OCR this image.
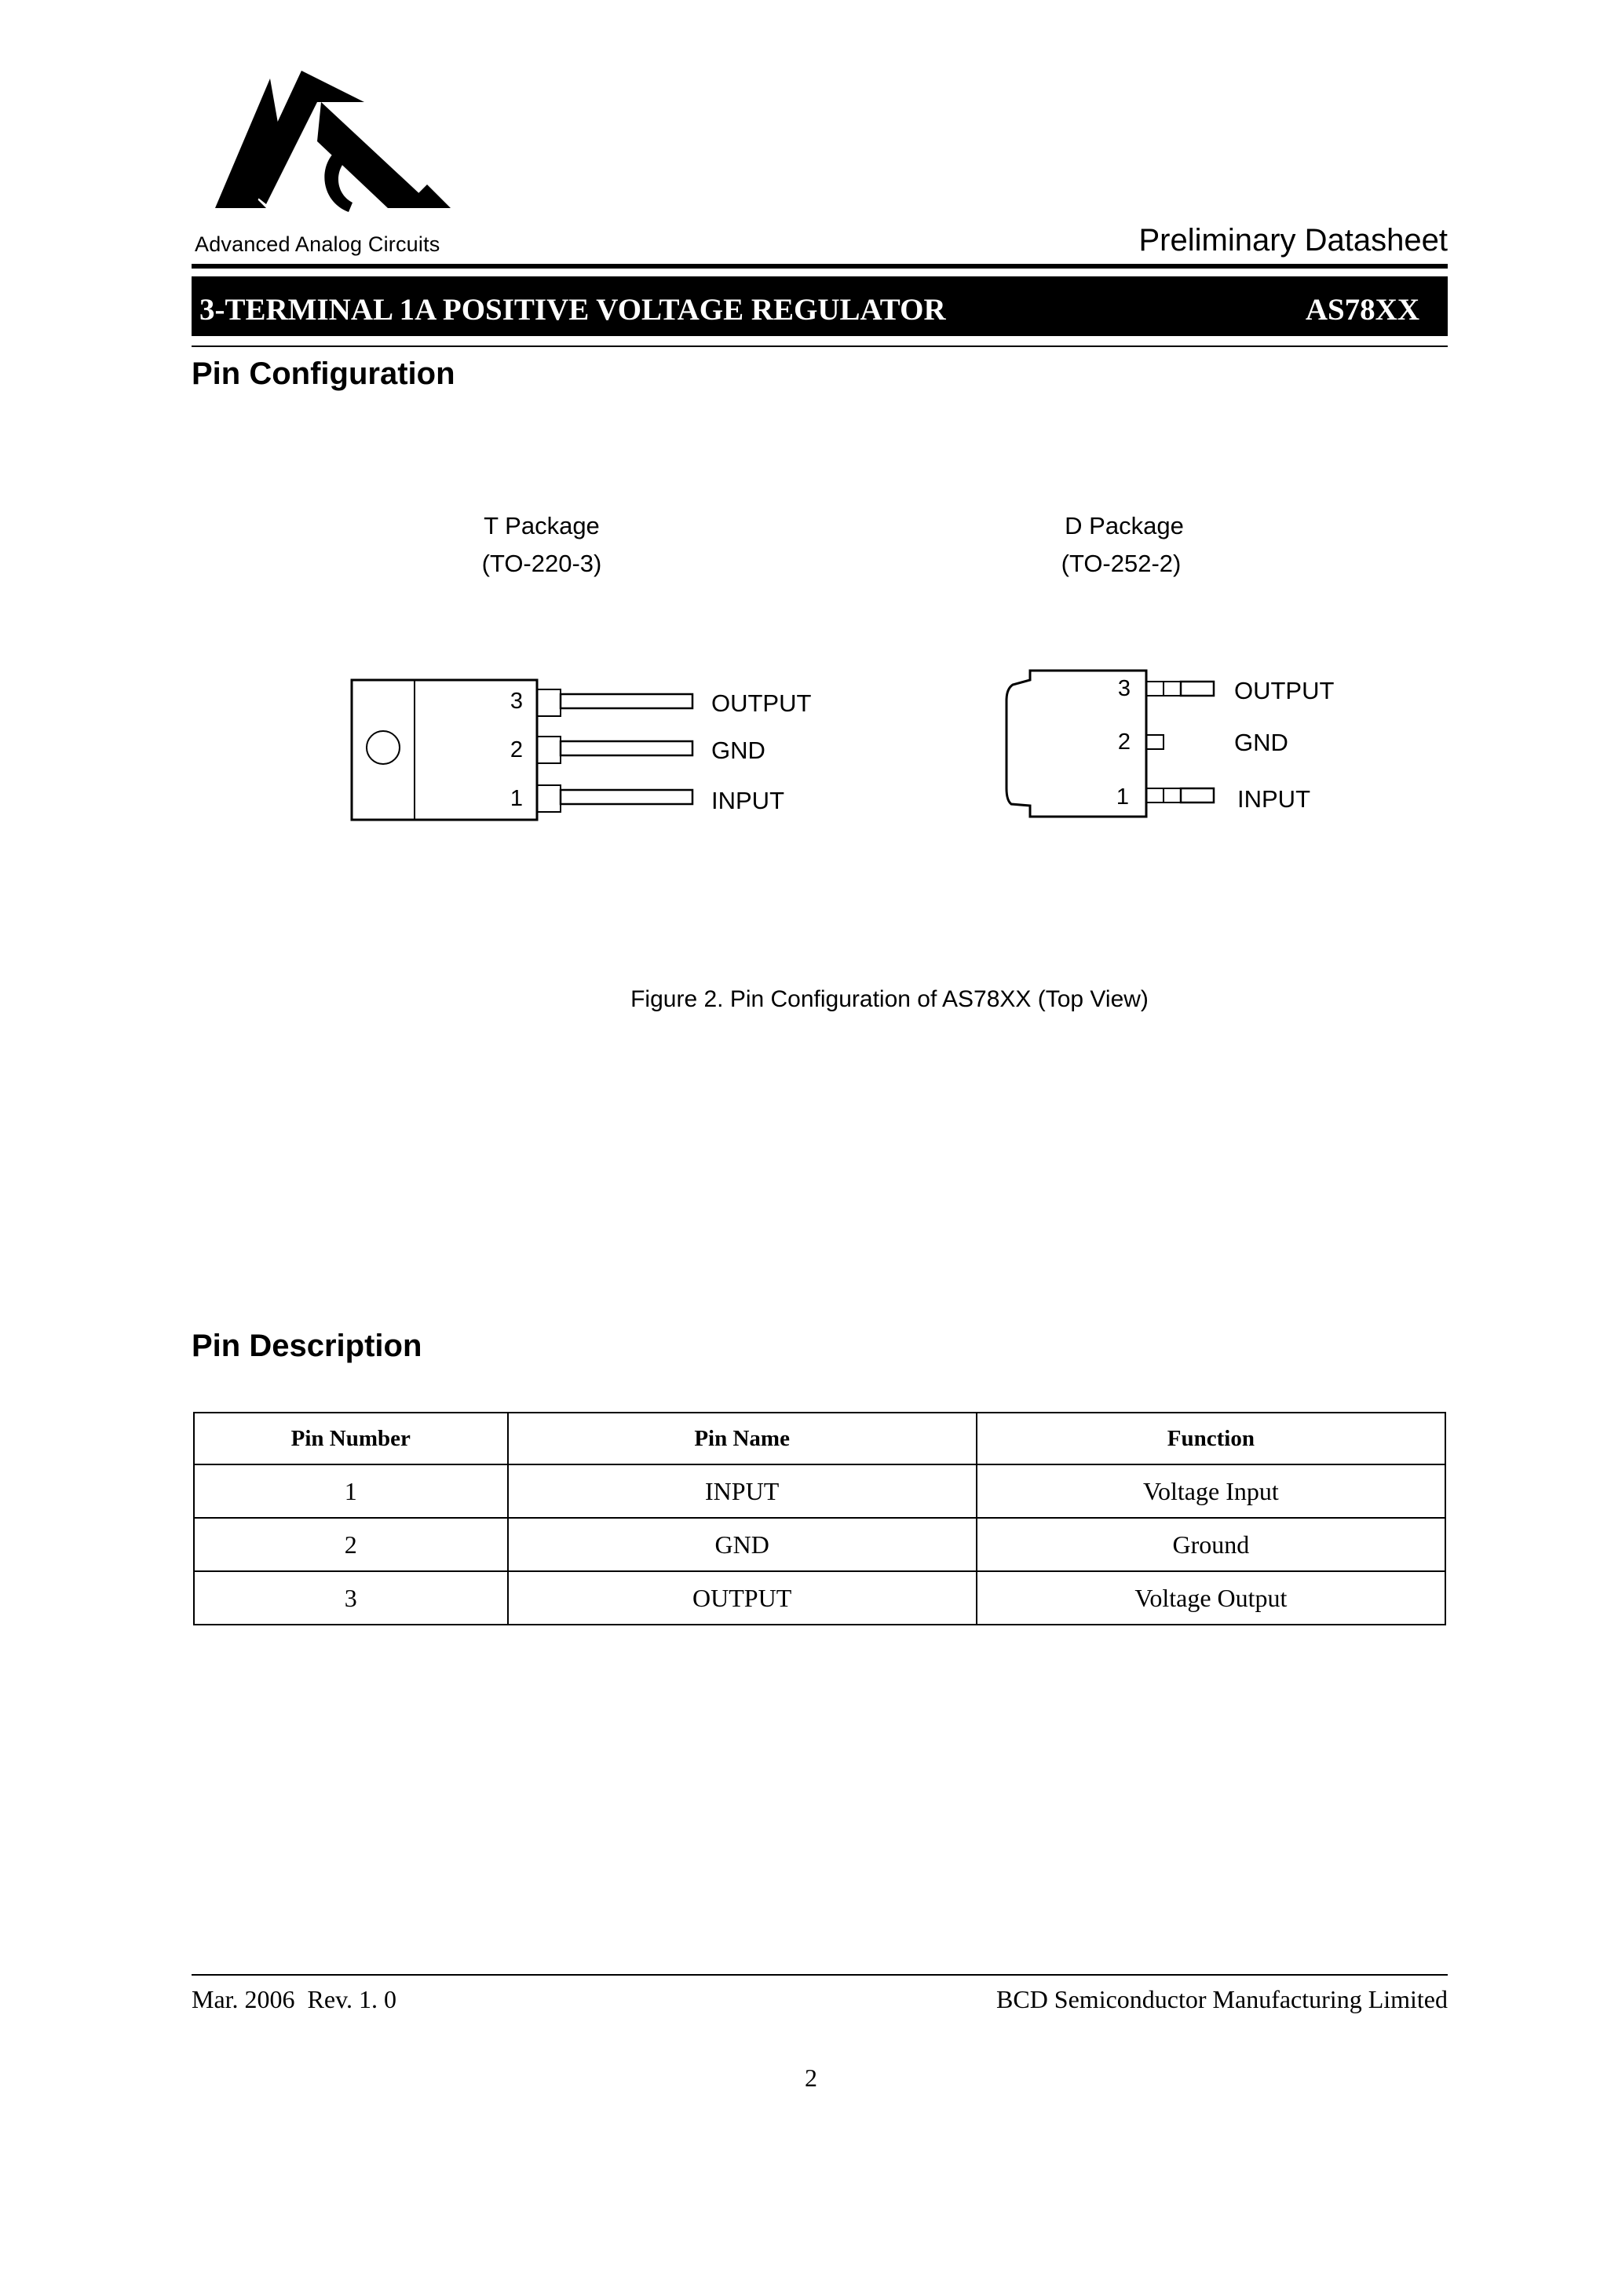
Advanced Analog Circuits	Preliminary Datasheet
3-TERMINAL 1A POSITIVE VOLTAGE REGULATOR	AS78XX
Pin Configuration
T Package
(TO-220-3)
3
2
1
OUTPUT
GND
INPUT
D Package
(TO-252-2)
3
2
1
OUTPUT
GND
INPUT
Figure 2. Pin Configuration of AS78XX (Top View)
Pin Description
Pin Number	Pin Name	Function
1	INPUT	Voltage Input
2	GND	Ground
3	OUTPUT	Voltage Output
Mar. 2006  Rev. 1. 0	BCD Semiconductor Manufacturing Limited
2
